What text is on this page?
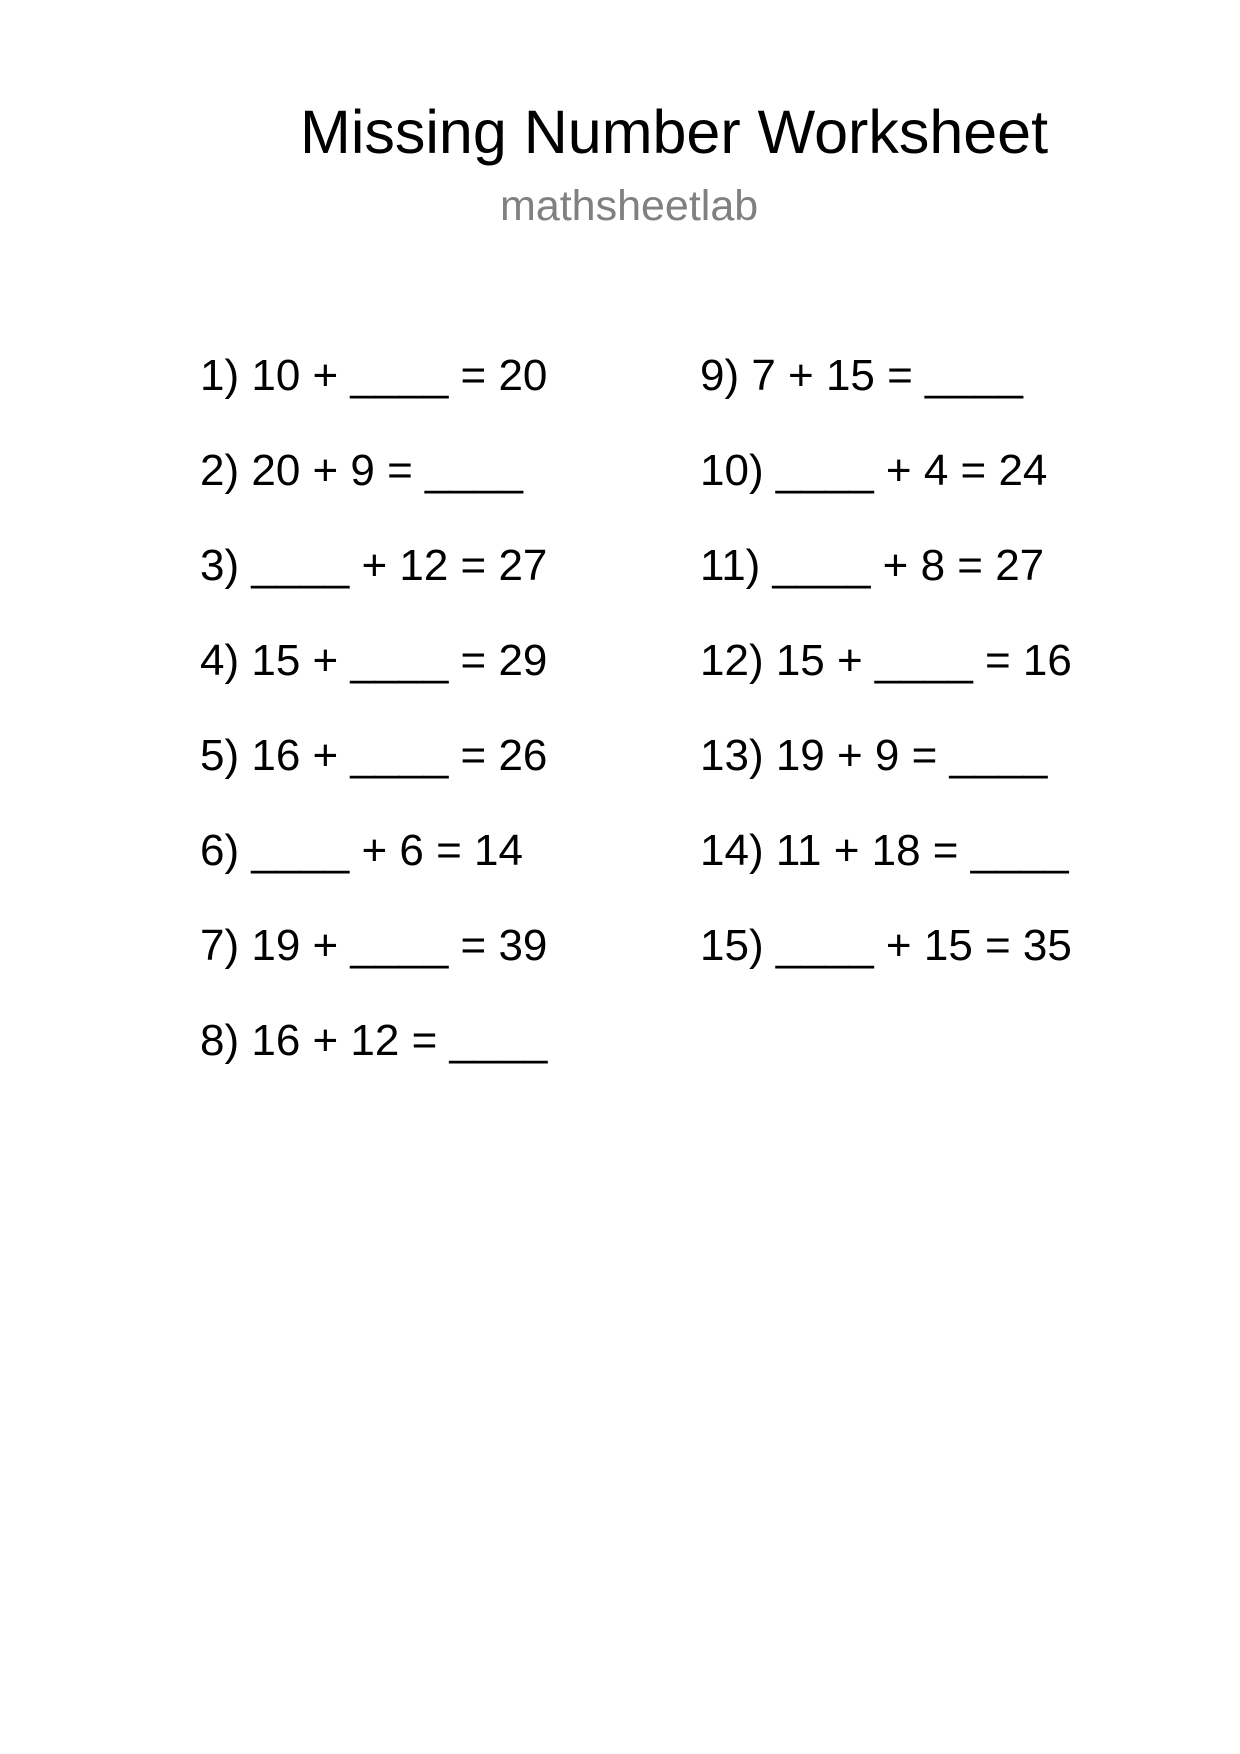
Missing Number Worksheet
mathsheetlab
1) 10 + ____ = 20
2) 20 + 9 = ____
3) ____ + 12 = 27
4) 15 + ____ = 29
5) 16 + ____ = 26
6) ____ + 6 = 14
7) 19 + ____ = 39
8) 16 + 12 = ____
9) 7 + 15 = ____
10) ____ + 4 = 24
11) ____ + 8 = 27
12) 15 + ____ = 16
13) 19 + 9 = ____
14) 11 + 18 = ____
15) ____ + 15 = 35
